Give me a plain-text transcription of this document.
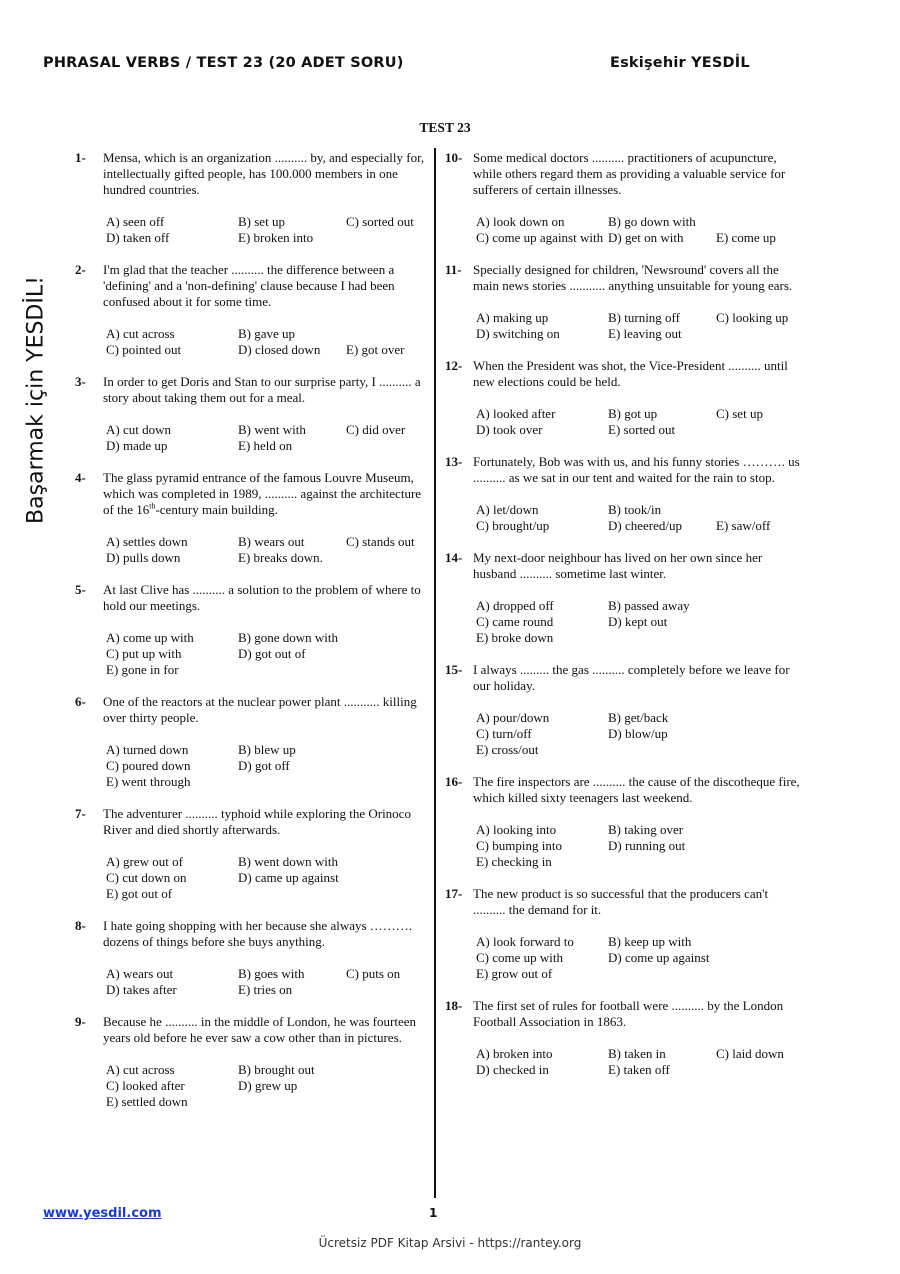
PHRASAL VERBS / TEST 23 (20 ADET SORU)	Eskişehir YESDİL
Başarmak için YESDİL!
TEST 23
1- Mensa, which is an organization .......... by, and especially for, intellectually gifted people, has 100.000 members in one hundred countries.

A) seen off	B) set up	C) sorted out
D) taken off	E) broken into
2- I'm glad that the teacher .......... the difference between a 'defining' and a 'non-defining' clause because I had been confused about it for some time.

A) cut across	B) gave up
C) pointed out	D) closed down	E) got over
3- In order to get Doris and Stan to our surprise party, I .......... a story about taking them out for a meal.

A) cut down	B) went with	C) did over
D) made up	E) held on
4- The glass pyramid entrance of the famous Louvre Museum, which was completed in 1989, .......... against the architecture of the 16th-century main building.

A) settles down	B) wears out	C) stands out
D) pulls down	E) breaks down.
5- At last Clive has .......... a solution to the problem of where to hold our meetings.

A) come up with	B) gone down with
C) put up with	D) got out of
E) gone in for
6- One of the reactors at the nuclear power plant ........... killing over thirty people.

A) turned down	B) blew up
C) poured down	D) got off
E) went through
7- The adventurer .......... typhoid while exploring the Orinoco River and died shortly afterwards.

A) grew out of	B) went down with
C) cut down on	D) came up against
E) got out of
8- I hate going shopping with her because she always ………. dozens of things before she buys anything.

A) wears out	B) goes with	C) puts on
D) takes after	E) tries on
9- Because he .......... in the middle of London, he was fourteen years old before he ever saw a cow other than in pictures.

A) cut across	B) brought out
C) looked after	D) grew up
E) settled down
10- Some medical doctors .......... practitioners of acupuncture, while others regard them as providing a valuable service for sufferers of certain illnesses.

A) look down on	B) go down with
C) come up against with D) get on with	E) come up
11- Specially designed for children, 'Newsround' covers all the main news stories ........... anything unsuitable for young ears.

A) making up	B) turning off	C) looking up
D) switching on	E) leaving out
12- When the President was shot, the Vice-President .......... until new elections could be held.

A) looked after	B) got up	C) set up
D) took over	E) sorted out
13- Fortunately, Bob was with us, and his funny stories ………. us .......... as we sat in our tent and waited for the rain to stop.

A) let/down	B) took/in
C) brought/up	D) cheered/up	E) saw/off
14- My next-door neighbour has lived on her own since her husband .......... sometime last winter.

A) dropped off	B) passed away
C) came round	D) kept out
E) broke down
15- I always ......... the gas .......... completely before we leave for our holiday.

A) pour/down	B) get/back
C) turn/off	D) blow/up
E) cross/out
16- The fire inspectors are .......... the cause of the discotheque fire, which killed sixty teenagers last weekend.

A) looking into	B) taking over
C) bumping into	D) running out
E) checking in
17- The new product is so successful that the producers can't .......... the demand for it.

A) look forward to	B) keep up with
C) come up with	D) come up against
E) grow out of
18- The first set of rules for football were .......... by the London Football Association in 1863.

A) broken into	B) taken in	C) laid down
D) checked in	E) taken off
www.yesdil.com	1
Ücretsiz PDF Kitap Arsivi - https://rantey.org
